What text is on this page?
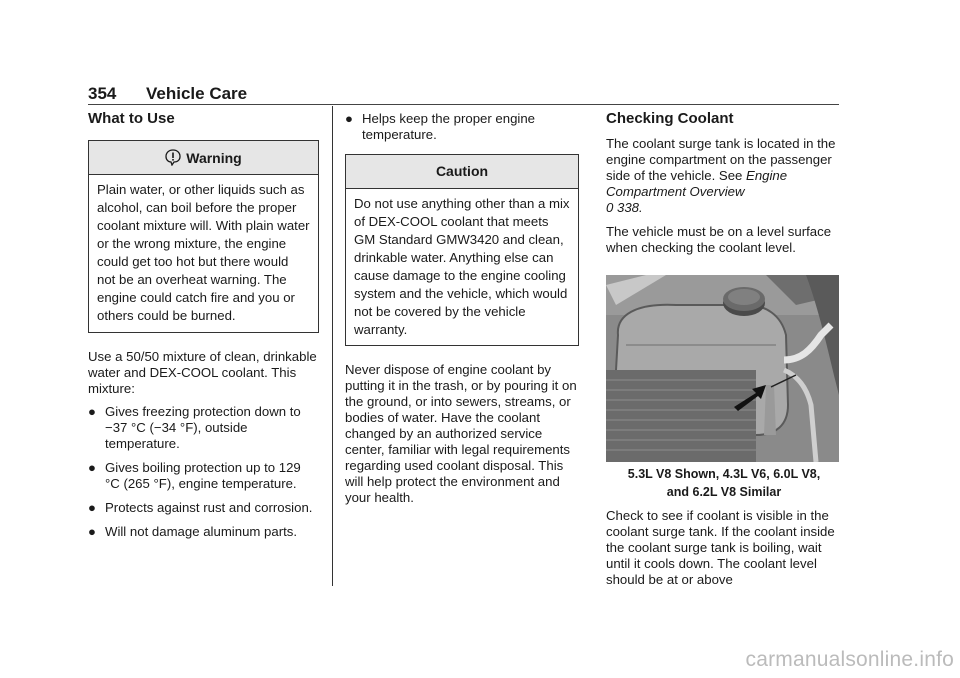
354 Vehicle Care
What to Use
Warning
Plain water, or other liquids such as alcohol, can boil before the proper coolant mixture will. With plain water or the wrong mixture, the engine could get too hot but there would not be an overheat warning. The engine could catch fire and you or others could be burned.
Use a 50/50 mixture of clean, drinkable water and DEX-COOL coolant. This mixture:
● Gives freezing protection down to −37 °C (−34 °F), outside temperature.
● Gives boiling protection up to 129 °C (265 °F), engine temperature.
● Protects against rust and corrosion.
● Will not damage aluminum parts.
● Helps keep the proper engine temperature.
Caution
Do not use anything other than a mix of DEX-COOL coolant that meets GM Standard GMW3420 and clean, drinkable water. Anything else can cause damage to the engine cooling system and the vehicle, which would not be covered by the vehicle warranty.
Never dispose of engine coolant by putting it in the trash, or by pouring it on the ground, or into sewers, streams, or bodies of water. Have the coolant changed by an authorized service center, familiar with legal requirements regarding used coolant disposal. This will help protect the environment and your health.
Checking Coolant
The coolant surge tank is located in the engine compartment on the passenger side of the vehicle. See Engine Compartment Overview
0 338.
The vehicle must be on a level surface when checking the coolant level.
5.3L V8 Shown, 4.3L V6, 6.0L V8,
and 6.2L V8 Similar
Check to see if coolant is visible in the coolant surge tank. If the coolant inside the coolant surge tank is boiling, wait until it cools down. The coolant level should be at or above
carmanualsonline.info
